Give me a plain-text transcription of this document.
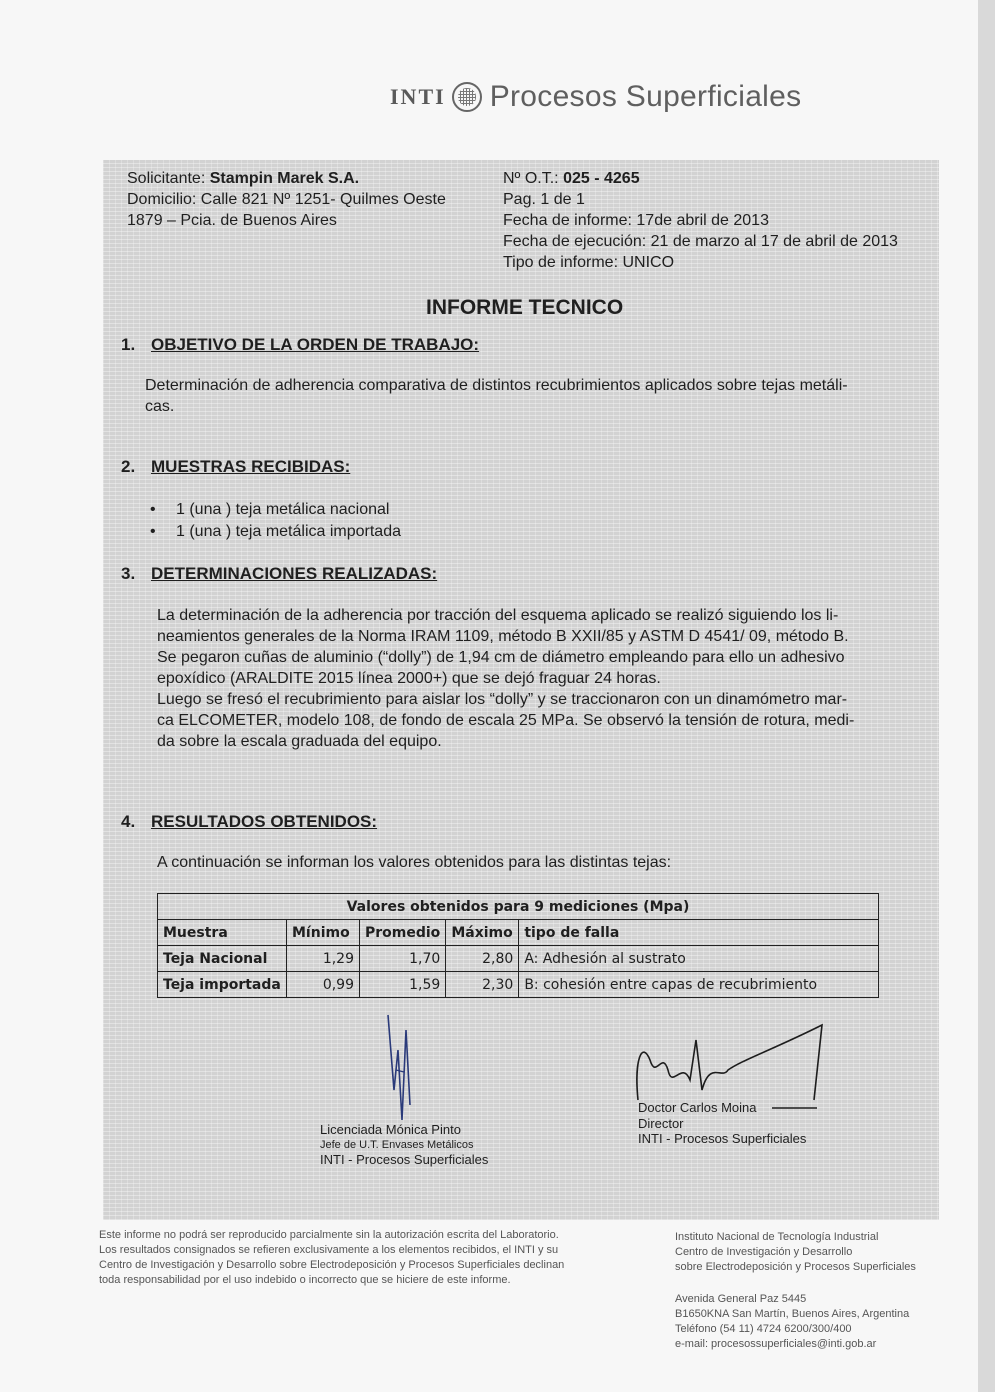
INTI Procesos Superficiales
Solicitante: Stampin Marek S.A.
Domicilio: Calle 821 Nº 1251- Quilmes Oeste
1879 – Pcia. de Buenos Aires
Nº O.T.: 025 - 4265
Pag. 1 de 1
Fecha de informe: 17de abril de 2013
Fecha de ejecución: 21 de marzo al 17 de abril de 2013
Tipo de informe: UNICO
INFORME TECNICO
1. OBJETIVO DE LA ORDEN DE TRABAJO:
Determinación de adherencia comparativa de distintos recubrimientos aplicados sobre tejas metáli-
cas.
2. MUESTRAS RECIBIDAS:
• 1 (una ) teja metálica nacional
• 1 (una ) teja metálica importada
3. DETERMINACIONES REALIZADAS:
La determinación de la adherencia por tracción del esquema aplicado se realizó siguiendo los li-
neamientos generales de la Norma IRAM 1109, método B XXII/85 y ASTM D 4541/ 09, método B.
Se pegaron cuñas de aluminio (“dolly”) de 1,94 cm de diámetro empleando para ello un adhesivo
epoxídico (ARALDITE 2015 línea 2000+) que se dejó fraguar 24 horas.
Luego se fresó el recubrimiento para aislar los “dolly” y se traccionaron con un dinamómetro mar-
ca ELCOMETER, modelo 108, de fondo de escala 25 MPa. Se observó la tensión de rotura, medi-
da sobre la escala graduada del equipo.
4. RESULTADOS OBTENIDOS:
A continuación se informan los valores obtenidos para las distintas tejas:
Valores obtenidos para 9 mediciones (Mpa)				
Muestra	Mínimo	Promedio	Máximo	tipo de falla
Teja Nacional	1,29	1,70	2,80	A: Adhesión al sustrato
Teja importada	0,99	1,59	2,30	B: cohesión entre capas de recubrimiento
Licenciada Mónica Pinto
Jefe de U.T. Envases Metálicos
INTI - Procesos Superficiales
Doctor Carlos Moina
Director
INTI - Procesos Superficiales
Este informe no podrá ser reproducido parcialmente sin la autorización escrita del Laboratorio.
Los resultados consignados se refieren exclusivamente a los elementos recibidos, el INTI y su
Centro de Investigación y Desarrollo sobre Electrodeposición y Procesos Superficiales declinan
toda responsabilidad por el uso indebido o incorrecto que se hiciere de este informe.
Instituto Nacional de Tecnología Industrial
Centro de Investigación y Desarrollo
sobre Electrodeposición y Procesos Superficiales
Avenida General Paz 5445
B1650KNA San Martín, Buenos Aires, Argentina
Teléfono (54 11) 4724 6200/300/400
e-mail: procesossuperficiales@inti.gob.ar
